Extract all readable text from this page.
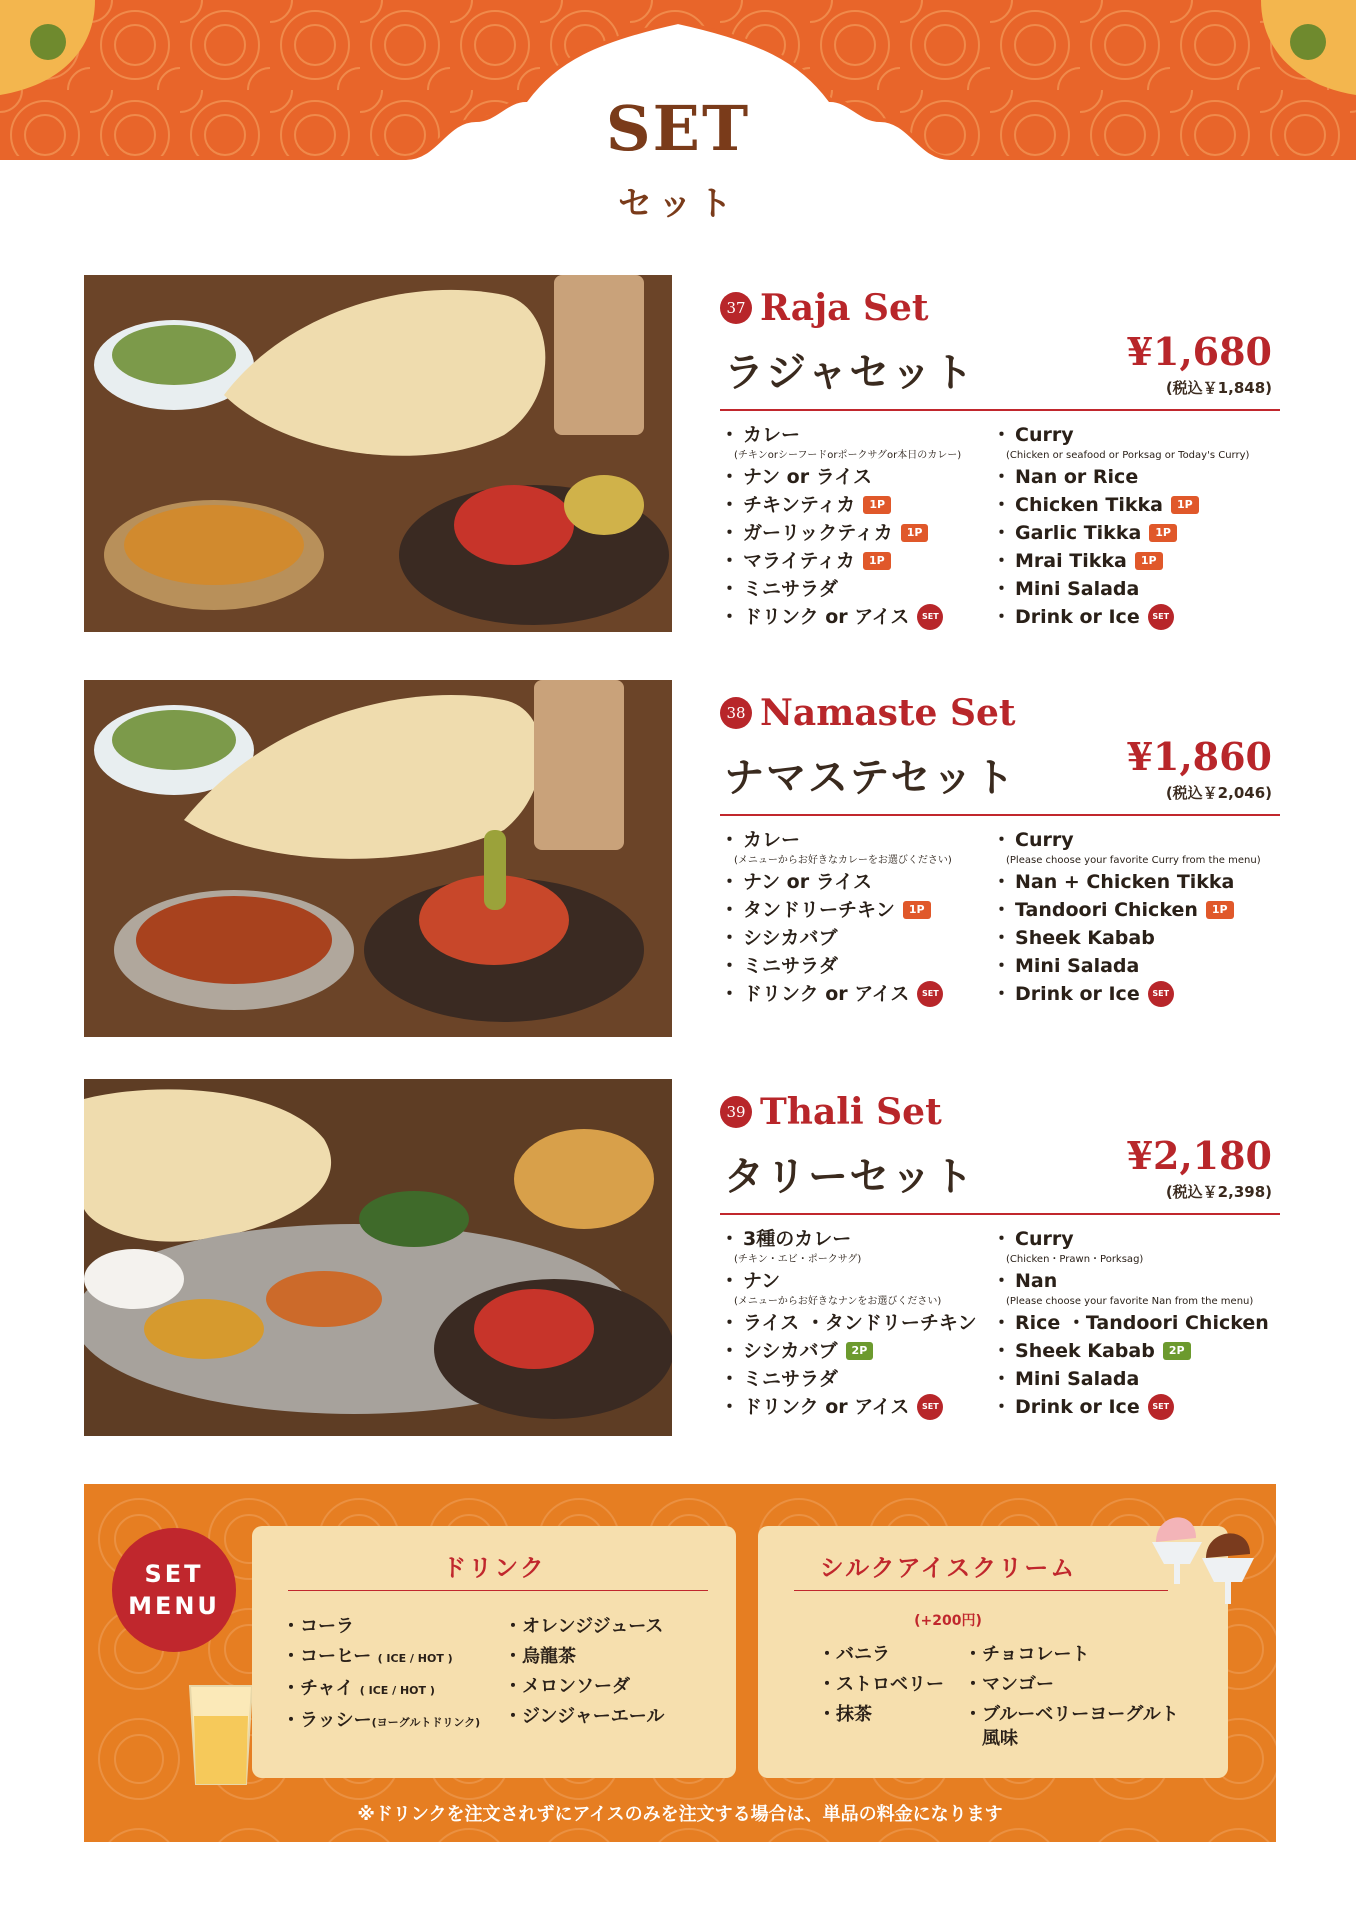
SET
セット
37 Raja Set
ラジャセット	¥1,680
(税込￥1,848)
・ カレー
(チキンorシーフードorポークサグor本日のカレー)
・ ナン or ライス
・ チキンティカ	1P
・ ガーリックティカ	1P
・ マライティカ	1P
・ ミニサラダ
・ ドリンク or アイス	SET
・ Curry
(Chicken or seafood or Porksag or Today's Curry)
・ Nan or Rice
・ Chicken Tikka	1P
・ Garlic Tikka	1P
・ Mrai Tikka	1P
・ Mini Salada
・ Drink or Ice	SET
38 Namaste Set
ナマステセット	¥1,860
(税込￥2,046)
・ カレー
(メニューからお好きなカレーをお選びください)
・ ナン or ライス
・ タンドリーチキン	1P
・ シシカバブ
・ ミニサラダ
・ ドリンク or アイス	SET
・ Curry
(Please choose your favorite Curry from the menu)
・ Nan + Chicken Tikka
・ Tandoori Chicken	1P
・ Sheek Kabab
・ Mini Salada
・ Drink or Ice	SET
39 Thali Set
タリーセット	¥2,180
(税込￥2,398)
・ 3種のカレー
(チキン・エビ・ポークサグ)
・ ナン
(メニューからお好きなナンをお選びください)
・ ライス ・タンドリーチキン
・ シシカバブ	2P
・ ミニサラダ
・ ドリンク or アイス	SET
・ Curry
(Chicken・Prawn・Porksag)
・ Nan
(Please choose your favorite Nan from the menu)
・ Rice ・Tandoori Chicken
・ Sheek Kabab	2P
・ Mini Salada
・ Drink or Ice	SET
SET
MENU
ドリンク
・コーラ
・コーヒー ( ICE / HOT )
・チャイ ( ICE / HOT )
・ラッシー(ヨーグルトドリンク)
・オレンジジュース
・烏龍茶
・メロンソーダ
・ジンジャーエール
シルクアイスクリーム
(+200円)
・バニラ
・ストロベリー
・抹茶
・チョコレート
・マンゴー
・ブルーベリーヨーグルト
　風味
※ドリンクを注文されずにアイスのみを注文する場合は、単品の料金になります
